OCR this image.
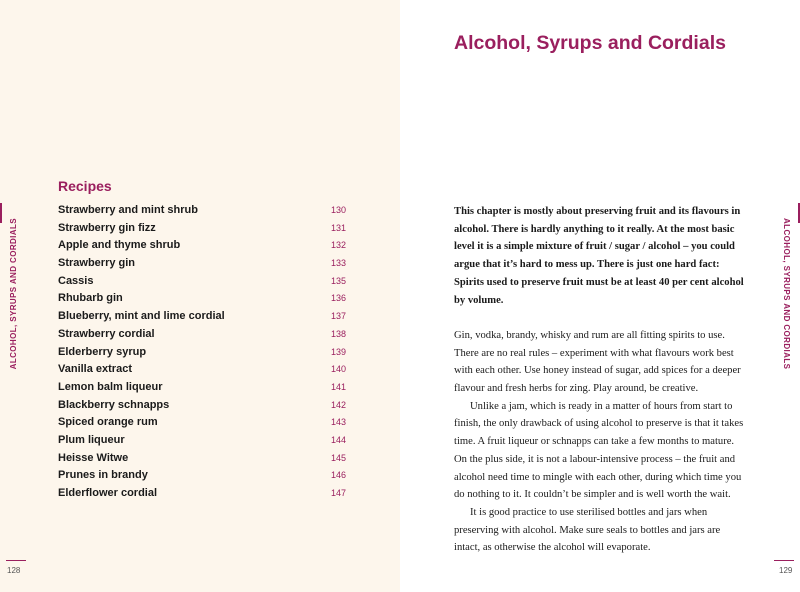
ALCOHOL, SYRUPS AND CORDIALS
Recipes
Strawberry and mint shrub	130
Strawberry gin fizz	131
Apple and thyme shrub	132
Strawberry gin	133
Cassis	135
Rhubarb gin	136
Blueberry, mint and lime cordial	137
Strawberry cordial	138
Elderberry syrup	139
Vanilla extract	140
Lemon balm liqueur	141
Blackberry schnapps	142
Spiced orange rum	143
Plum liqueur	144
Heisse Witwe	145
Prunes in brandy	146
Elderflower cordial	147
128
Alcohol, Syrups and Cordials

This chapter is mostly about preserving fruit and its flavours in alcohol. There is hardly anything to it really. At the most basic level it is a simple mixture of fruit / sugar / alcohol – you could argue that it’s hard to mess up. There is just one hard fact: Spirits used to preserve fruit must be at least 40 per cent alcohol by volume.

Gin, vodka, brandy, whisky and rum are all fitting spirits to use. There are no real rules – experiment with what flavours work best with each other. Use honey instead of sugar, add spices for a deeper flavour and fresh herbs for zing. Play around, be creative.

Unlike a jam, which is ready in a matter of hours from start to finish, the only drawback of using alcohol to preserve is that it takes time. A fruit liqueur or schnapps can take a few months to mature. On the plus side, it is not a labour-intensive process – the fruit and alcohol need time to mingle with each other, during which time you do nothing to it. It couldn’t be simpler and is well worth the wait.

It is good practice to use sterilised bottles and jars when preserving with alcohol. Make sure seals to bottles and jars are intact, as otherwise the alcohol will evaporate.

ALCOHOL, SYRUPS AND CORDIALS
129
